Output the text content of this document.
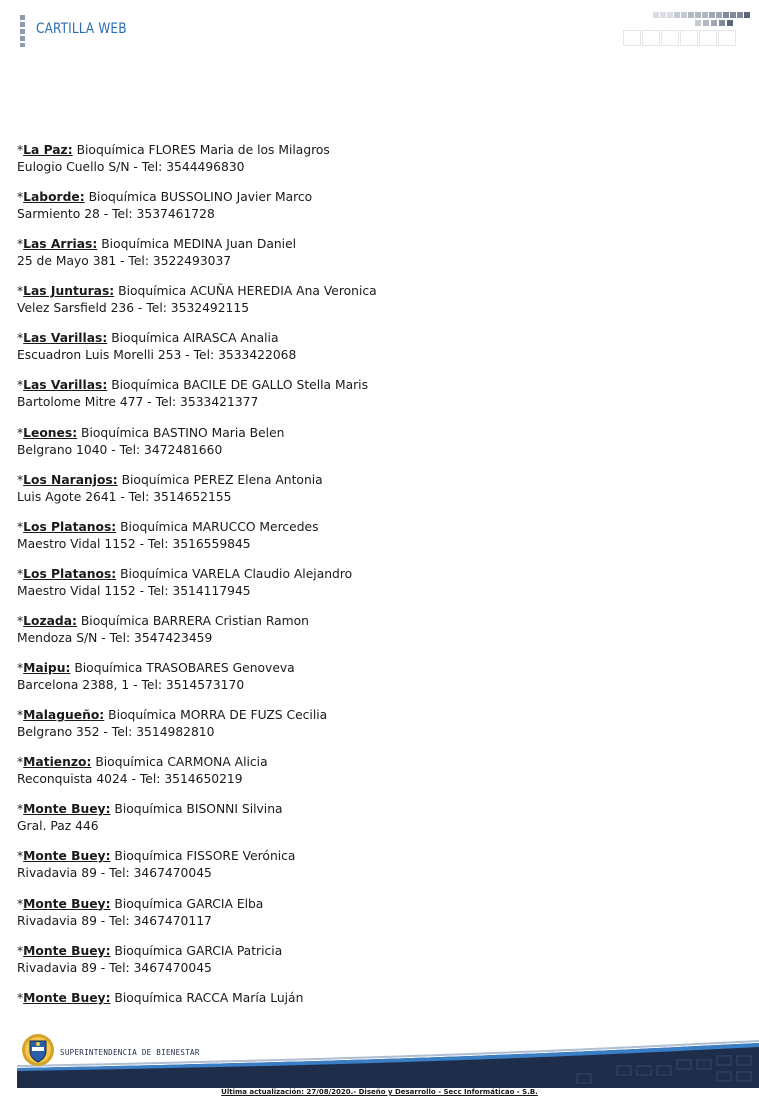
CARTILLA WEB
*La Paz: Bioquímica FLORES Maria de los Milagros
Eulogio Cuello S/N - Tel: 3544496830
*Laborde: Bioquímica BUSSOLINO Javier Marco
Sarmiento 28 - Tel: 3537461728
*Las Arrias: Bioquímica MEDINA Juan Daniel
25 de Mayo 381 - Tel: 3522493037
*Las Junturas: Bioquímica ACUÑA HEREDIA Ana Veronica
Velez Sarsfield 236 - Tel: 3532492115
*Las Varillas: Bioquímica AIRASCA Analia
Escuadron Luis Morelli 253 - Tel: 3533422068
*Las Varillas: Bioquímica BACILE DE GALLO Stella Maris
Bartolome Mitre 477 - Tel: 3533421377
*Leones: Bioquímica BASTINO Maria Belen
Belgrano 1040 - Tel: 3472481660
*Los Naranjos: Bioquímica PEREZ Elena Antonia
Luis Agote 2641 - Tel: 3514652155
*Los Platanos: Bioquímica MARUCCO Mercedes
Maestro Vidal 1152 - Tel: 3516559845
*Los Platanos: Bioquímica VARELA Claudio Alejandro
Maestro Vidal 1152 - Tel: 3514117945
*Lozada: Bioquímica BARRERA Cristian Ramon
Mendoza S/N - Tel: 3547423459
*Maipu: Bioquímica TRASOBARES Genoveva
Barcelona 2388, 1 - Tel: 3514573170
*Malagueño: Bioquímica MORRA DE FUZS Cecilia
Belgrano 352 - Tel: 3514982810
*Matienzo: Bioquímica CARMONA Alicia
Reconquista 4024 - Tel: 3514650219
*Monte Buey: Bioquímica BISONNI Silvina
Gral. Paz 446
*Monte Buey: Bioquímica FISSORE Verónica
Rivadavia 89 - Tel: 3467470045
*Monte Buey: Bioquímica GARCIA Elba
Rivadavia 89 - Tel: 3467470117
*Monte Buey: Bioquímica GARCIA Patricia
Rivadavia 89 - Tel: 3467470045
*Monte Buey: Bioquímica RACCA María Luján
SUPERINTENDENCIA DE BIENESTAR
Última actualización: 27/08/2020.- Diseño y Desarrollo - Secc Informáticao - S.B.
